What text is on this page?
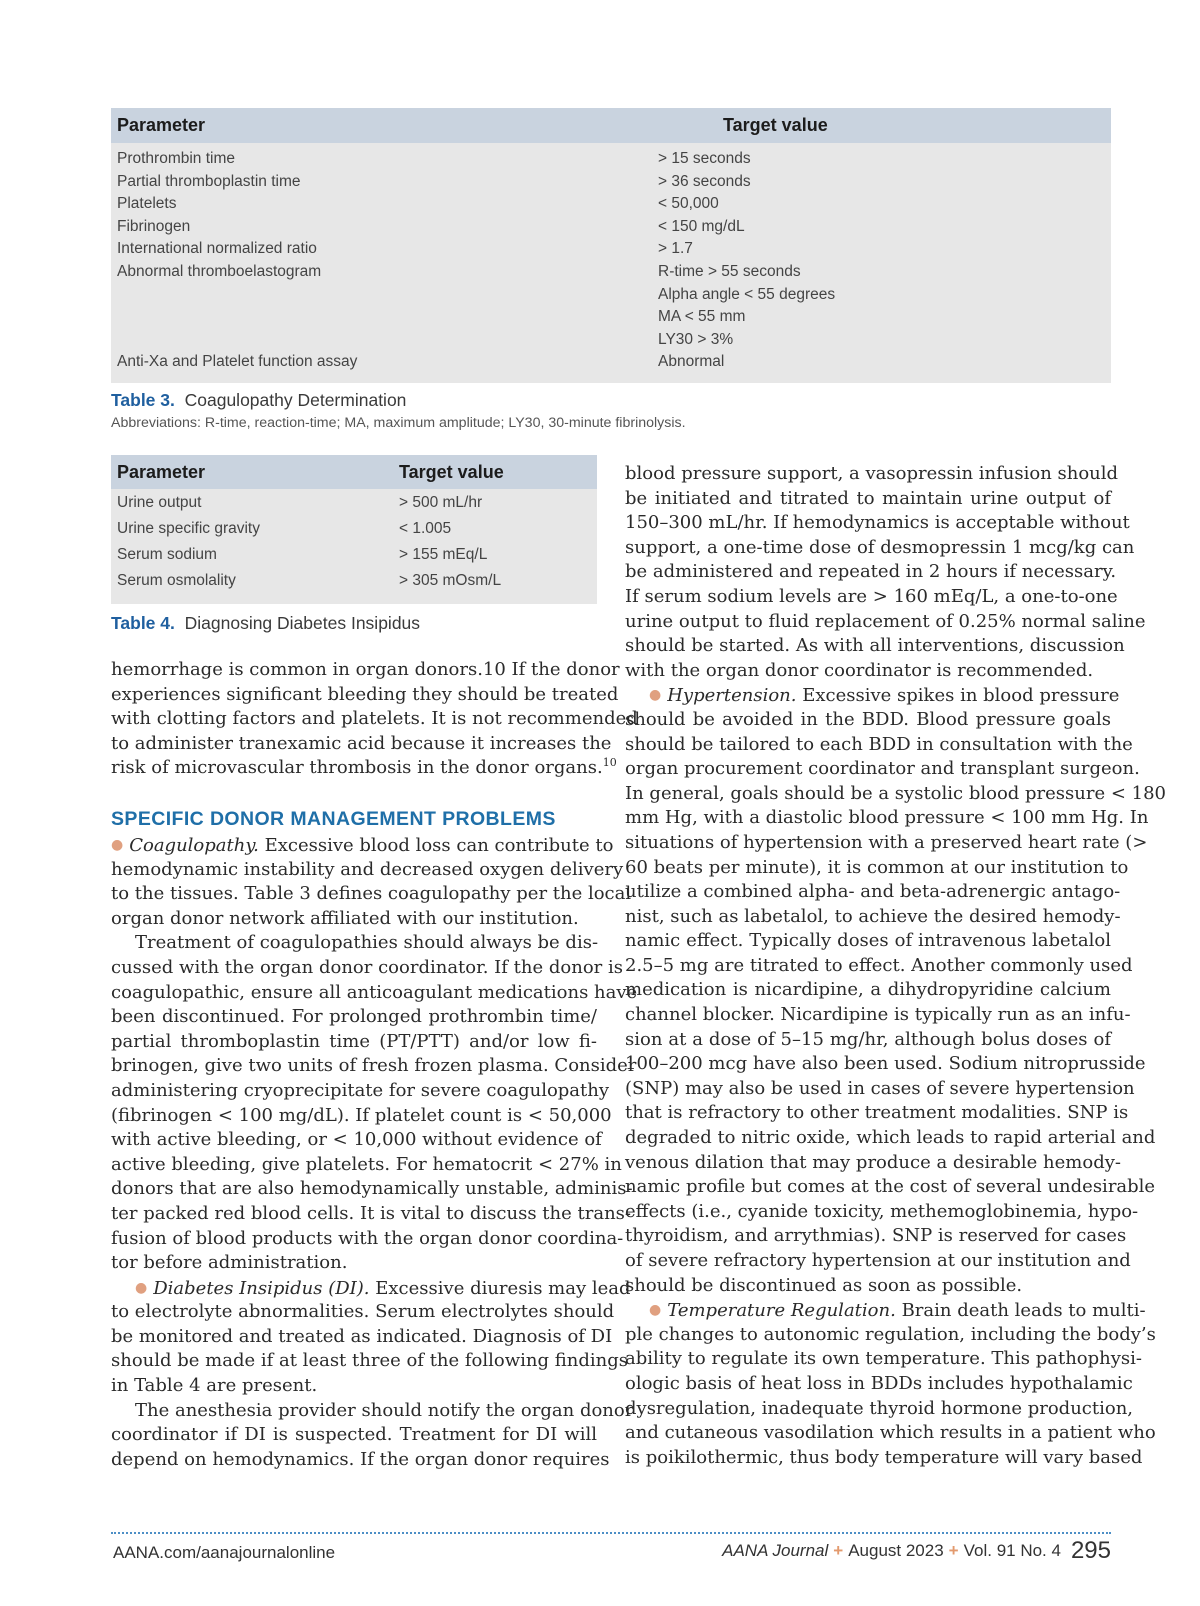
Parameter	Target value
Prothrombin time	> 15 seconds
Partial thromboplastin time	> 36 seconds
Platelets	< 50,000
Fibrinogen	< 150 mg/dL
International normalized ratio	> 1.7
Abnormal thromboelastogram	R-time > 55 seconds
Alpha angle < 55 degrees
MA < 55 mm
LY30 > 3%
Anti-Xa and Platelet function assay	Abnormal
Table 3. Coagulopathy Determination
Abbreviations: R-time, reaction-time; MA, maximum amplitude; LY30, 30-minute fibrinolysis.
Parameter	Target value
Urine output	> 500 mL/hr
Urine specific gravity	< 1.005
Serum sodium	> 155 mEq/L
Serum osmolality	> 305 mOsm/L
Table 4. Diagnosing Diabetes Insipidus
hemorrhage is common in organ donors.10 If the donor
experiences significant bleeding they should be treated
with clotting factors and platelets. It is not recommended
to administer tranexamic acid because it increases the
risk of microvascular thrombosis in the donor organs.$^{10}$
SPECIFIC DONOR MANAGEMENT PROBLEMS
● Coagulopathy. Excessive blood loss can contribute to
hemodynamic instability and decreased oxygen delivery
to the tissues. Table 3 defines coagulopathy per the local
organ donor network affiliated with our institution.
Treatment of coagulopathies should always be dis-
cussed with the organ donor coordinator. If the donor is
coagulopathic, ensure all anticoagulant medications have
been discontinued. For prolonged prothrombin time/
partial thromboplastin time (PT/PTT) and/or low fi-
brinogen, give two units of fresh frozen plasma. Consider
administering cryoprecipitate for severe coagulopathy
(fibrinogen < 100 mg/dL). If platelet count is < 50,000
with active bleeding, or < 10,000 without evidence of
active bleeding, give platelets. For hematocrit < 27% in
donors that are also hemodynamically unstable, adminis-
ter packed red blood cells. It is vital to discuss the trans-
fusion of blood products with the organ donor coordina-
tor before administration.
● Diabetes Insipidus (DI). Excessive diuresis may lead
to electrolyte abnormalities. Serum electrolytes should
be monitored and treated as indicated. Diagnosis of DI
should be made if at least three of the following findings
in Table 4 are present.
The anesthesia provider should notify the organ donor
coordinator if DI is suspected. Treatment for DI will
depend on hemodynamics. If the organ donor requires
blood pressure support, a vasopressin infusion should
be initiated and titrated to maintain urine output of
150–300 mL/hr. If hemodynamics is acceptable without
support, a one-time dose of desmopressin 1 mcg/kg can
be administered and repeated in 2 hours if necessary.
If serum sodium levels are > 160 mEq/L, a one-to-one
urine output to fluid replacement of 0.25% normal saline
should be started. As with all interventions, discussion
with the organ donor coordinator is recommended.
● Hypertension. Excessive spikes in blood pressure
should be avoided in the BDD. Blood pressure goals
should be tailored to each BDD in consultation with the
organ procurement coordinator and transplant surgeon.
In general, goals should be a systolic blood pressure < 180
mm Hg, with a diastolic blood pressure < 100 mm Hg. In
situations of hypertension with a preserved heart rate (>
60 beats per minute), it is common at our institution to
utilize a combined alpha- and beta-adrenergic antago-
nist, such as labetalol, to achieve the desired hemody-
namic effect. Typically doses of intravenous labetalol
2.5–5 mg are titrated to effect. Another commonly used
medication is nicardipine, a dihydropyridine calcium
channel blocker. Nicardipine is typically run as an infu-
sion at a dose of 5–15 mg/hr, although bolus doses of
100–200 mcg have also been used. Sodium nitroprusside
(SNP) may also be used in cases of severe hypertension
that is refractory to other treatment modalities. SNP is
degraded to nitric oxide, which leads to rapid arterial and
venous dilation that may produce a desirable hemody-
namic profile but comes at the cost of several undesirable
effects (i.e., cyanide toxicity, methemoglobinemia, hypo-
thyroidism, and arrythmias). SNP is reserved for cases
of severe refractory hypertension at our institution and
should be discontinued as soon as possible.
● Temperature Regulation. Brain death leads to multi-
ple changes to autonomic regulation, including the body’s
ability to regulate its own temperature. This pathophysi-
ologic basis of heat loss in BDDs includes hypothalamic
dysregulation, inadequate thyroid hormone production,
and cutaneous vasodilation which results in a patient who
is poikilothermic, thus body temperature will vary based
AANA.com/aanajournalonline	AANA Journal + August 2023 + Vol. 91 No. 4 295
